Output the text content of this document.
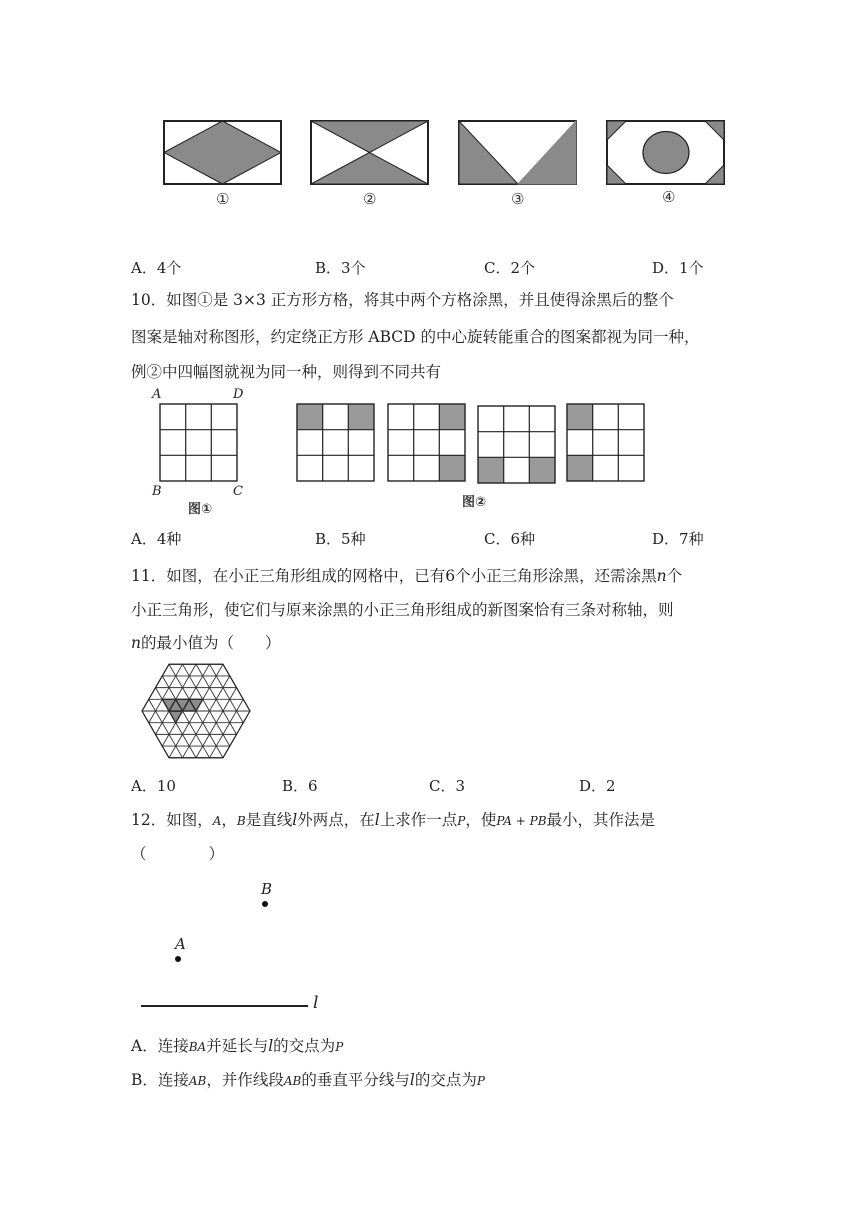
①	②	③	④
A．4个	B．3个	C．2个	D．1个
10．如图①是 3×3 正方形方格，将其中两个方格涂黑，并且使得涂黑后的整个
图案是轴对称图形，约定绕正方形 ABCD 的中心旋转能重合的图案都视为同一种，
例②中四幅图就视为同一种，则得到不同共有
A	D
B	C
图①	图②
A．4种	B．5种	C．6种	D．7种
11．如图，在小正三角形组成的网格中，已有6个小正三角形涂黑，还需涂黑n个
小正三角形，使它们与原来涂黑的小正三角形组成的新图案恰有三条对称轴，则
n的最小值为（　　）
A．10	B．6	C．3	D．2
12．如图，A，B是直线l外两点，在l上求作一点P，使PA + PB最小，其作法是
（　　　　）
B
A
l
A．连接BA并延长与l的交点为P
B．连接AB，并作线段AB的垂直平分线与l的交点为P
